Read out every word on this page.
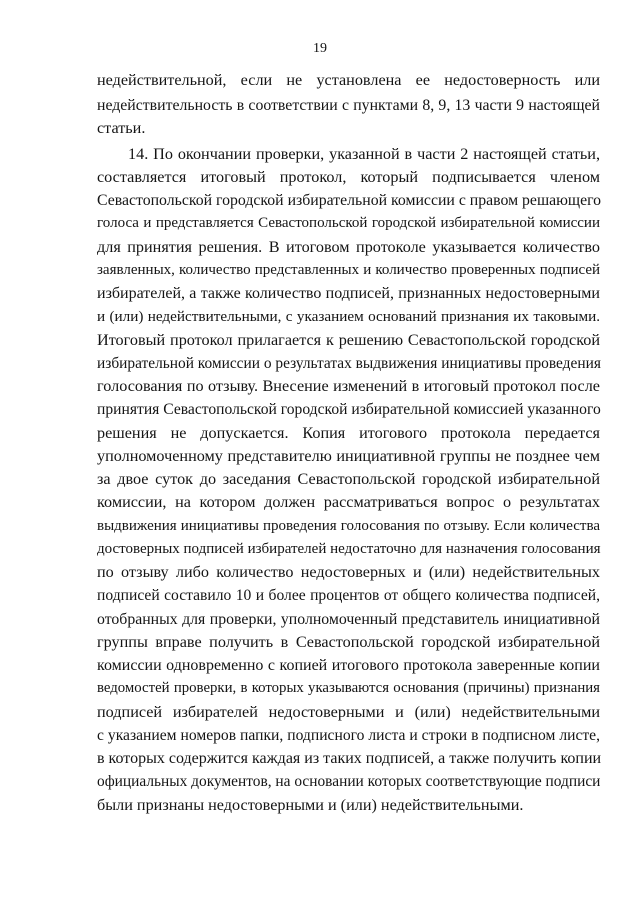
19
недействительной, если не установлена ее недостоверность или
недействительность в соответствии с пунктами 8, 9, 13 части 9 настоящей
статьи.
14. По окончании проверки, указанной в части 2 настоящей статьи,
составляется итоговый протокол, который подписывается членом
Севастопольской городской избирательной комиссии с правом решающего
голоса и представляется Севастопольской городской избирательной комиссии
для принятия решения. В итоговом протоколе указывается количество
заявленных, количество представленных и количество проверенных подписей
избирателей, а также количество подписей, признанных недостоверными
и (или) недействительными, с указанием оснований признания их таковыми.
Итоговый протокол прилагается к решению Севастопольской городской
избирательной комиссии о результатах выдвижения инициативы проведения
голосования по отзыву. Внесение изменений в итоговый протокол после
принятия Севастопольской городской избирательной комиссией указанного
решения не допускается. Копия итогового протокола передается
уполномоченному представителю инициативной группы не позднее чем
за двое суток до заседания Севастопольской городской избирательной
комиссии, на котором должен рассматриваться вопрос о результатах
выдвижения инициативы проведения голосования по отзыву. Если количества
достоверных подписей избирателей недостаточно для назначения голосования
по отзыву либо количество недостоверных и (или) недействительных
подписей составило 10 и более процентов от общего количества подписей,
отобранных для проверки, уполномоченный представитель инициативной
группы вправе получить в Севастопольской городской избирательной
комиссии одновременно с копией итогового протокола заверенные копии
ведомостей проверки, в которых указываются основания (причины) признания
подписей избирателей недостоверными и (или) недействительными
с указанием номеров папки, подписного листа и строки в подписном листе,
в которых содержится каждая из таких подписей, а также получить копии
официальных документов, на основании которых соответствующие подписи
были признаны недостоверными и (или) недействительными.
